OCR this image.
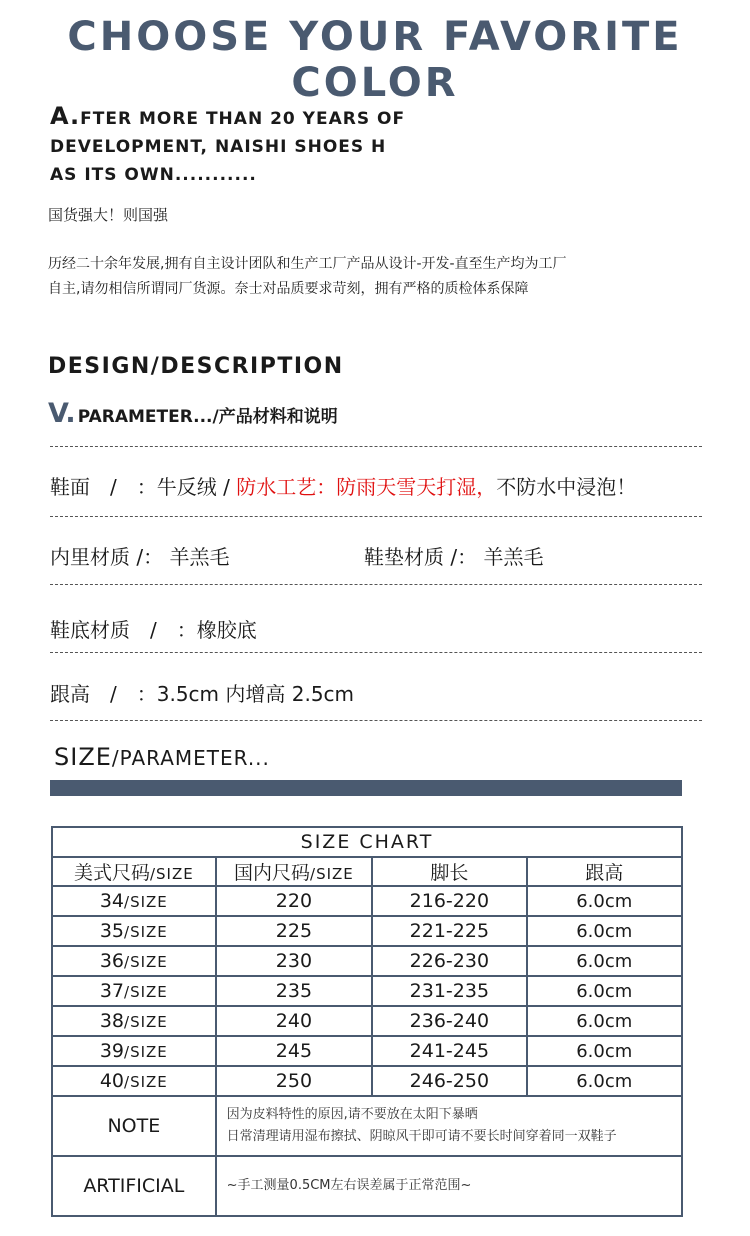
CHOOSE YOUR FAVORITE COLOR
A.FTER MORE THAN 20 YEARS OF
DEVELOPMENT, NAISHI SHOES H
AS ITS OWN...........
国货强大！则国强
历经二十余年发展,拥有自主设计团队和生产工厂产品从设计-开发-直至生产均为工厂
自主,请勿相信所谓同厂货源。奈士对品质要求苛刻，拥有严格的质检体系保障
DESIGN/DESCRIPTION
V. PARAMETER.../产品材料和说明
鞋面　/　：牛反绒 / 防水工艺：防雨天雪天打湿，不防水中浸泡！
内里材质 /： 羊羔毛	鞋垫材质 /： 羊羔毛
鞋底材质　/　：橡胶底
跟高　/　：3.5cm 内增高 2.5cm
SIZE/PARAMETER...
SIZE CHART			
美式尺码/SIZE	国内尺码/SIZE	脚长	跟高
34/SIZE	220	216-220	6.0cm
35/SIZE	225	221-225	6.0cm
36/SIZE	230	226-230	6.0cm
37/SIZE	235	231-235	6.0cm
38/SIZE	240	236-240	6.0cm
39/SIZE	245	241-245	6.0cm
40/SIZE	250	246-250	6.0cm
NOTE	因为皮料特性的原因,请不要放在太阳下暴晒
日常清理请用湿布擦拭、阴晾风干即可请不要长时间穿着同一双鞋子		

ARTIFICIAL	~手工测量0.5CM左右误差属于正常范围~		
